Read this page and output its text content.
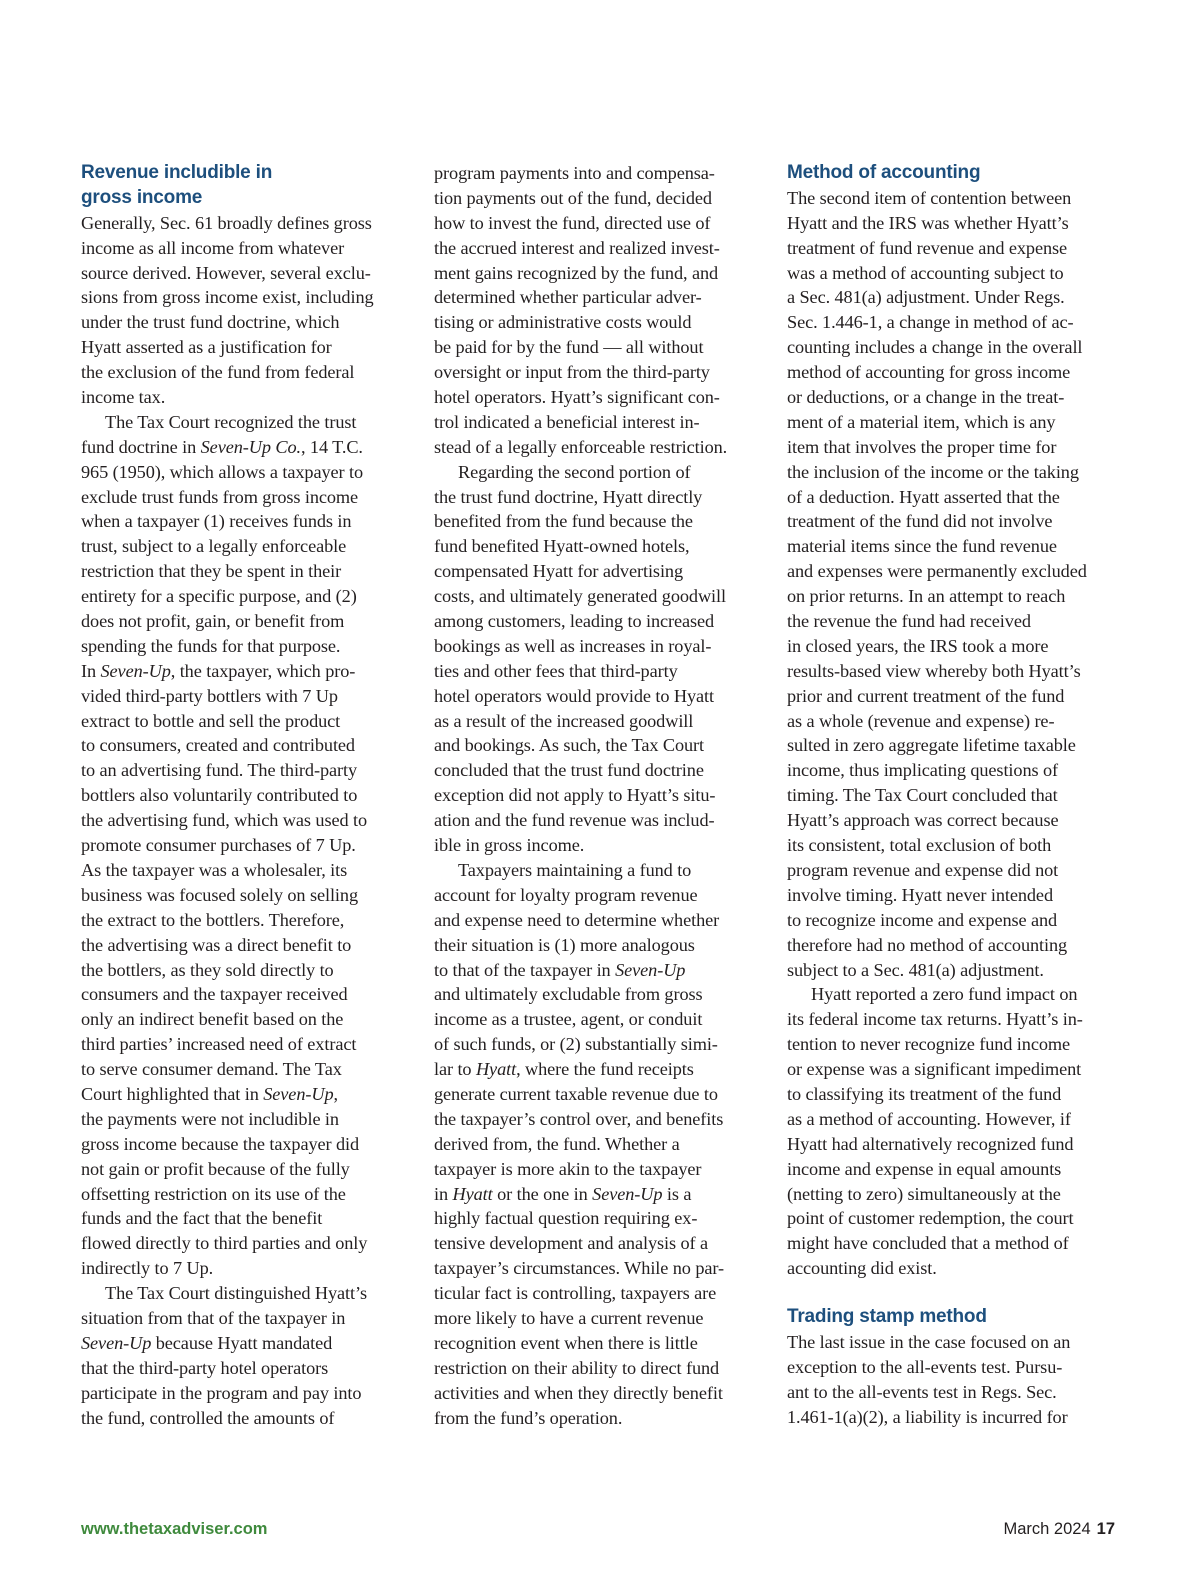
Revenue includible in
gross income
Generally, Sec. 61 broadly defines gross
income as all income from whatever
source derived. However, several exclu-
sions from gross income exist, including
under the trust fund doctrine, which
Hyatt asserted as a justification for
the exclusion of the fund from federal
income tax.
The Tax Court recognized the trust
fund doctrine in Seven-Up Co., 14 T.C.
965 (1950), which allows a taxpayer to
exclude trust funds from gross income
when a taxpayer (1) receives funds in
trust, subject to a legally enforceable
restriction that they be spent in their
entirety for a specific purpose, and (2)
does not profit, gain, or benefit from
spending the funds for that purpose.
In Seven-Up, the taxpayer, which pro-
vided third-party bottlers with 7 Up
extract to bottle and sell the product
to consumers, created and contributed
to an advertising fund. The third-party
bottlers also voluntarily contributed to
the advertising fund, which was used to
promote consumer purchases of 7 Up.
As the taxpayer was a wholesaler, its
business was focused solely on selling
the extract to the bottlers. Therefore,
the advertising was a direct benefit to
the bottlers, as they sold directly to
consumers and the taxpayer received
only an indirect benefit based on the
third parties’ increased need of extract
to serve consumer demand. The Tax
Court highlighted that in Seven-Up,
the payments were not includible in
gross income because the taxpayer did
not gain or profit because of the fully
offsetting restriction on its use of the
funds and the fact that the benefit
flowed directly to third parties and only
indirectly to 7 Up.
The Tax Court distinguished Hyatt’s
situation from that of the taxpayer in
Seven-Up because Hyatt mandated
that the third-party hotel operators
participate in the program and pay into
the fund, controlled the amounts of
program payments into and compensa-
tion payments out of the fund, decided
how to invest the fund, directed use of
the accrued interest and realized invest-
ment gains recognized by the fund, and
determined whether particular adver-
tising or administrative costs would
be paid for by the fund — all without
oversight or input from the third-party
hotel operators. Hyatt’s significant con-
trol indicated a beneficial interest in-
stead of a legally enforceable restriction.
Regarding the second portion of
the trust fund doctrine, Hyatt directly
benefited from the fund because the
fund benefited Hyatt-owned hotels,
compensated Hyatt for advertising
costs, and ultimately generated goodwill
among customers, leading to increased
bookings as well as increases in royal-
ties and other fees that third-party
hotel operators would provide to Hyatt
as a result of the increased goodwill
and bookings. As such, the Tax Court
concluded that the trust fund doctrine
exception did not apply to Hyatt’s situ-
ation and the fund revenue was includ-
ible in gross income.
Taxpayers maintaining a fund to
account for loyalty program revenue
and expense need to determine whether
their situation is (1) more analogous
to that of the taxpayer in Seven-Up
and ultimately excludable from gross
income as a trustee, agent, or conduit
of such funds, or (2) substantially simi-
lar to Hyatt, where the fund receipts
generate current taxable revenue due to
the taxpayer’s control over, and benefits
derived from, the fund. Whether a
taxpayer is more akin to the taxpayer
in Hyatt or the one in Seven-Up is a
highly factual question requiring ex-
tensive development and analysis of a
taxpayer’s circumstances. While no par-
ticular fact is controlling, taxpayers are
more likely to have a current revenue
recognition event when there is little
restriction on their ability to direct fund
activities and when they directly benefit
from the fund’s operation.
Method of accounting
The second item of contention between
Hyatt and the IRS was whether Hyatt’s
treatment of fund revenue and expense
was a method of accounting subject to
a Sec. 481(a) adjustment. Under Regs.
Sec. 1.446-1, a change in method of ac-
counting includes a change in the overall
method of accounting for gross income
or deductions, or a change in the treat-
ment of a material item, which is any
item that involves the proper time for
the inclusion of the income or the taking
of a deduction. Hyatt asserted that the
treatment of the fund did not involve
material items since the fund revenue
and expenses were permanently excluded
on prior returns. In an attempt to reach
the revenue the fund had received
in closed years, the IRS took a more
results-based view whereby both Hyatt’s
prior and current treatment of the fund
as a whole (revenue and expense) re-
sulted in zero aggregate lifetime taxable
income, thus implicating questions of
timing. The Tax Court concluded that
Hyatt’s approach was correct because
its consistent, total exclusion of both
program revenue and expense did not
involve timing. Hyatt never intended
to recognize income and expense and
therefore had no method of accounting
subject to a Sec. 481(a) adjustment.
Hyatt reported a zero fund impact on
its federal income tax returns. Hyatt’s in-
tention to never recognize fund income
or expense was a significant impediment
to classifying its treatment of the fund
as a method of accounting. However, if
Hyatt had alternatively recognized fund
income and expense in equal amounts
(netting to zero) simultaneously at the
point of customer redemption, the court
might have concluded that a method of
accounting did exist.
Trading stamp method
The last issue in the case focused on an
exception to the all-events test. Pursu-
ant to the all-events test in Regs. Sec.
1.461-1(a)(2), a liability is incurred for
www.thetaxadviser.com	March 2024 17
